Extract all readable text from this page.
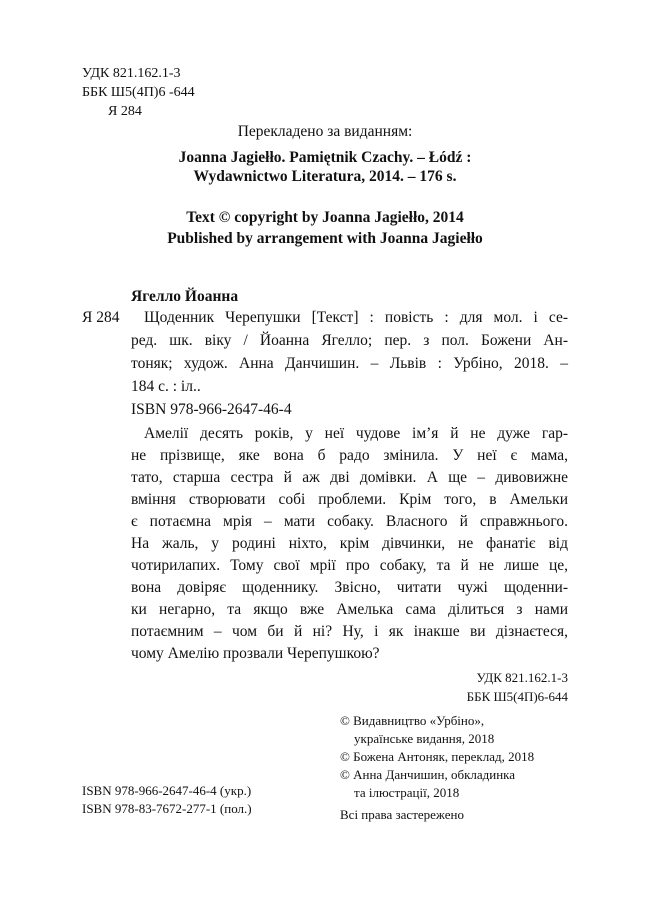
УДК 821.162.1-3
ББК Ш5(4П)6 -644
Я 284
Перекладено за виданням:
Joanna Jagiełło. Pamiętnik Czachy. – Łódź :
Wydawnictwo Literatura, 2014. – 176 s.
Text © copyright by Joanna Jagiełło, 2014
Published by arrangement with Joanna Jagiełło
Ягелло Йоанна
Я 284 Щоденник Черепушки [Текст] : повість : для мол. і се-
ред. шк. віку / Йоанна Ягелло; пер. з пол. Божени Ан-
тоняк; худож. Анна Данчишин. – Львів : Урбіно, 2018. –
184 с. : іл..
ISBN 978-966-2647-46-4
Амелії десять років, у неї чудове ім’я й не дуже гар-
не прізвище, яке вона б радо змінила. У неї є мама,
тато, старша сестра й аж дві домівки. А ще – дивовижне
вміння створювати собі проблеми. Крім того, в Амельки
є потаємна мрія – мати собаку. Власного й справжнього.
На жаль, у родині ніхто, крім дівчинки, не фанатіє від
чотирилапих. Тому свої мрії про собаку, та й не лише це,
вона довіряє щоденнику. Звісно, читати чужі щоденни-
ки негарно, та якщо вже Амелька сама ділиться з нами
потаємним – чом би й ні? Ну, і як інакше ви дізнаєтеся,
чому Амелію прозвали Черепушкою?
УДК 821.162.1-3
ББК Ш5(4П)6-644
© Видавництво «Урбіно»,
українське видання, 2018
© Божена Антоняк, переклад, 2018
© Анна Данчишин, обкладинка
та ілюстрації, 2018
Всі права застережено
ISBN 978-966-2647-46-4 (укр.)
ISBN 978-83-7672-277-1 (пол.)
